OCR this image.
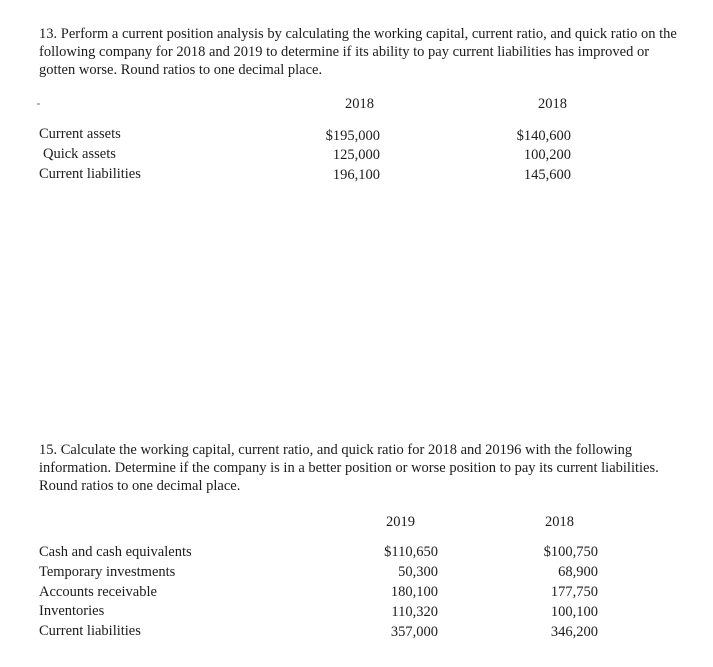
13. Perform a current position analysis by calculating the working capital, current ratio, and quick ratio on the following company for 2018 and 2019 to determine if its ability to pay current liabilities has improved or gotten worse. Round ratios to one decimal place.

2018	2018
Current assets
Quick assets
Current liabilities
$195,000
125,000
196,100
$140,600
100,200
145,600

15. Calculate the working capital, current ratio, and quick ratio for 2018 and 20196 with the following information. Determine if the company is in a better position or worse position to pay its current liabilities. Round ratios to one decimal place.

2019	2018
Cash and cash equivalents
Temporary investments
Accounts receivable
Inventories
Current liabilities
$110,650
50,300
180,100
110,320
357,000
$100,750
68,900
177,750
100,100
346,200
